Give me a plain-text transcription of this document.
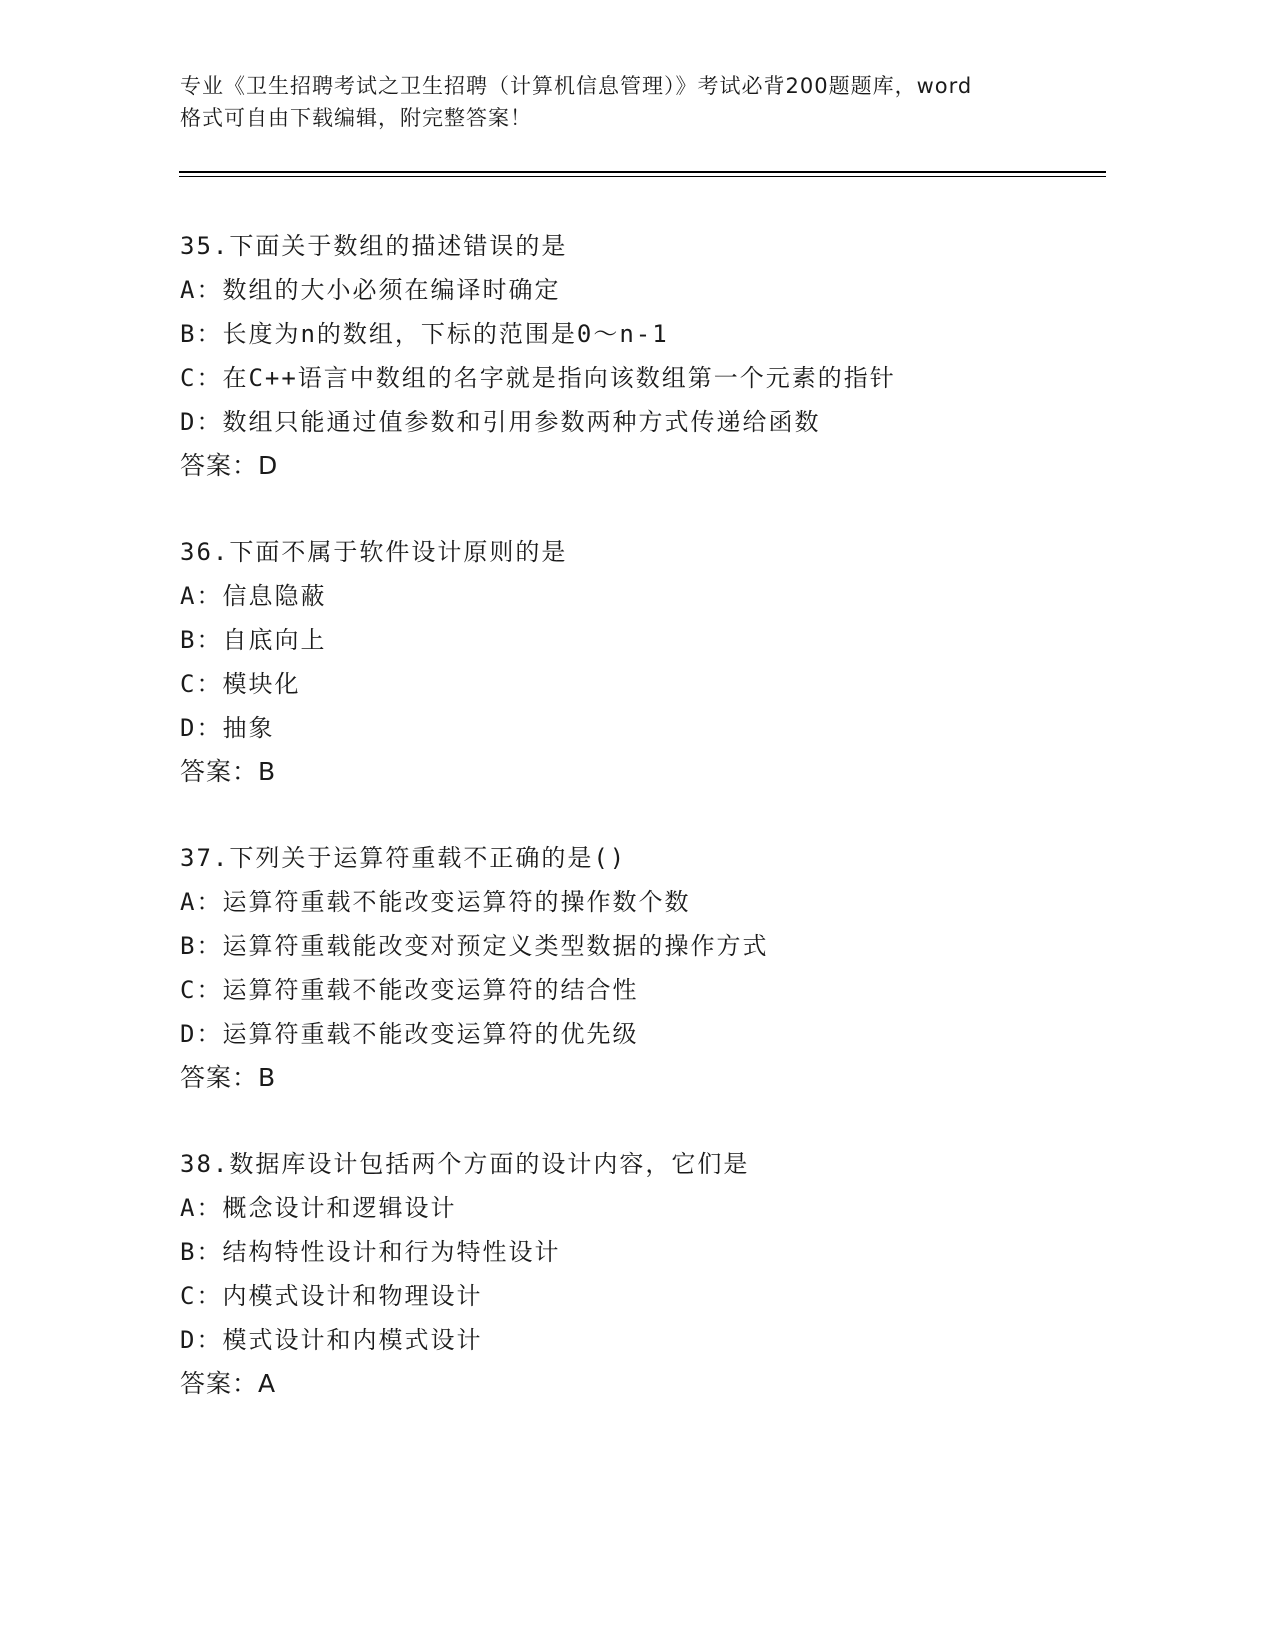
专业《卫生招聘考试之卫生招聘（计算机信息管理）》考试必背200题题库，word
格式可自由下载编辑，附完整答案！
35.下面关于数组的描述错误的是
A：数组的大小必须在编译时确定
B：长度为n的数组，下标的范围是0～n-1
C：在C++语言中数组的名字就是指向该数组第一个元素的指针
D：数组只能通过值参数和引用参数两种方式传递给函数
答案：D
36.下面不属于软件设计原则的是
A：信息隐蔽
B：自底向上
C：模块化
D：抽象
答案：B
37.下列关于运算符重载不正确的是()
A：运算符重载不能改变运算符的操作数个数
B：运算符重载能改变对预定义类型数据的操作方式
C：运算符重载不能改变运算符的结合性
D：运算符重载不能改变运算符的优先级
答案：B
38.数据库设计包括两个方面的设计内容，它们是
A：概念设计和逻辑设计
B：结构特性设计和行为特性设计
C：内模式设计和物理设计
D：模式设计和内模式设计
答案：A
